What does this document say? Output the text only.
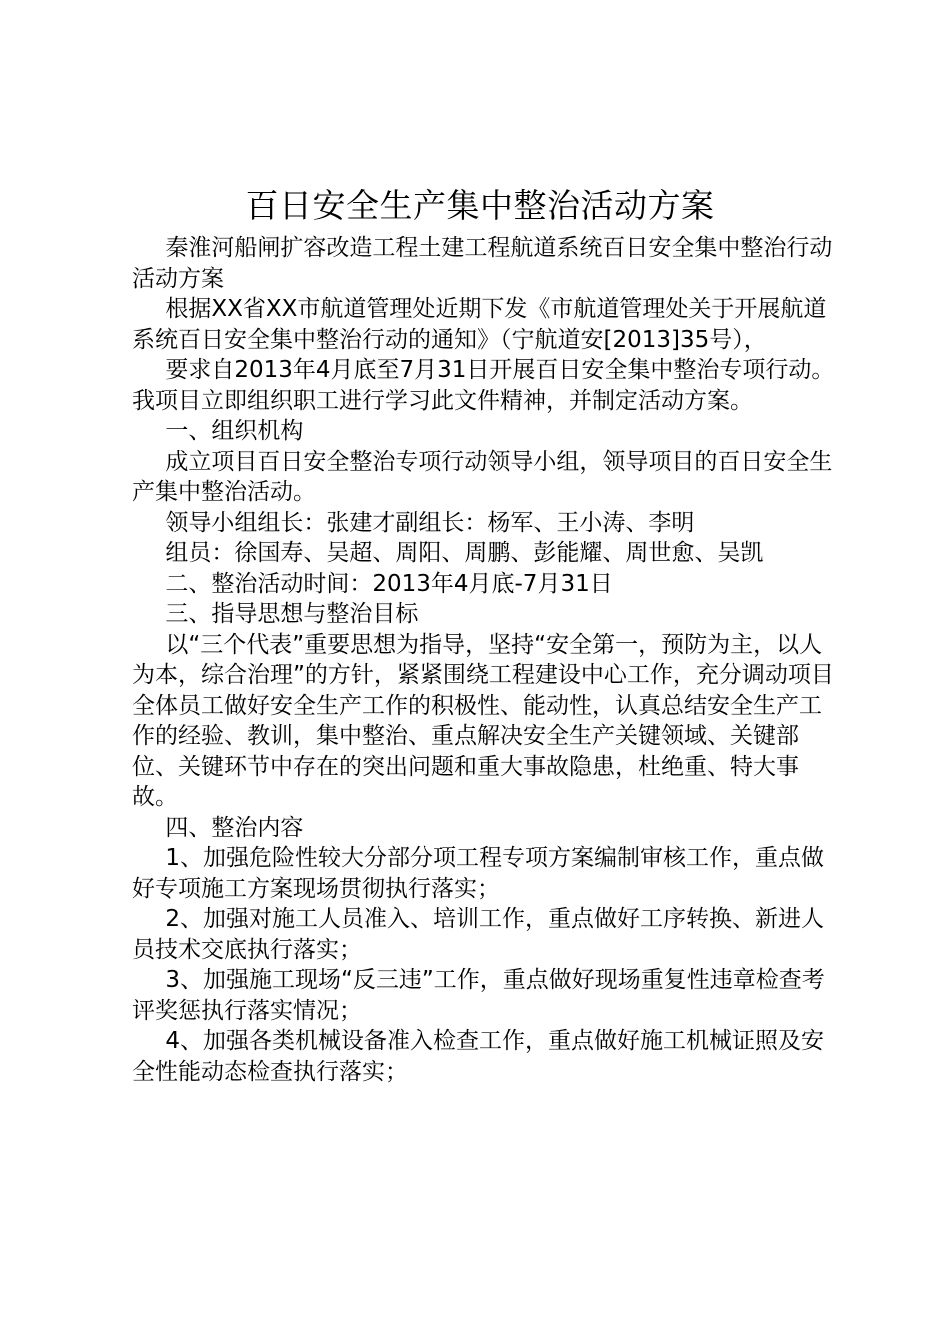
百日安全生产集中整治活动方案

秦淮河船闸扩容改造工程土建工程航道系统百日安全集中整治行动活动方案

根据XX省XX市航道管理处近期下发《市航道管理处关于开展航道系统百日安全集中整治行动的通知》（宁航道安[2013]35号），

要求自2013年4月底至7月31日开展百日安全集中整治专项行动。我项目立即组织职工进行学习此文件精神，并制定活动方案。

一、组织机构

成立项目百日安全整治专项行动领导小组，领导项目的百日安全生产集中整治活动。

领导小组组长：张建才副组长：杨军、王小涛、李明

组员：徐国寿、吴超、周阳、周鹏、彭能耀、周世愈、吴凯

二、整治活动时间：2013年4月底-7月31日

三、指导思想与整治目标

以“三个代表”重要思想为指导，坚持“安全第一，预防为主，以人为本，综合治理”的方针，紧紧围绕工程建设中心工作，充分调动项目全体员工做好安全生产工作的积极性、能动性，认真总结安全生产工作的经验、教训，集中整治、重点解决安全生产关键领域、关键部位、关键环节中存在的突出问题和重大事故隐患，杜绝重、特大事故。

四、整治内容

1、加强危险性较大分部分项工程专项方案编制审核工作，重点做好专项施工方案现场贯彻执行落实；

2、加强对施工人员准入、培训工作，重点做好工序转换、新进人员技术交底执行落实；

3、加强施工现场“反三违”工作，重点做好现场重复性违章检查考评奖惩执行落实情况；

4、加强各类机械设备准入检查工作，重点做好施工机械证照及安全性能动态检查执行落实；
